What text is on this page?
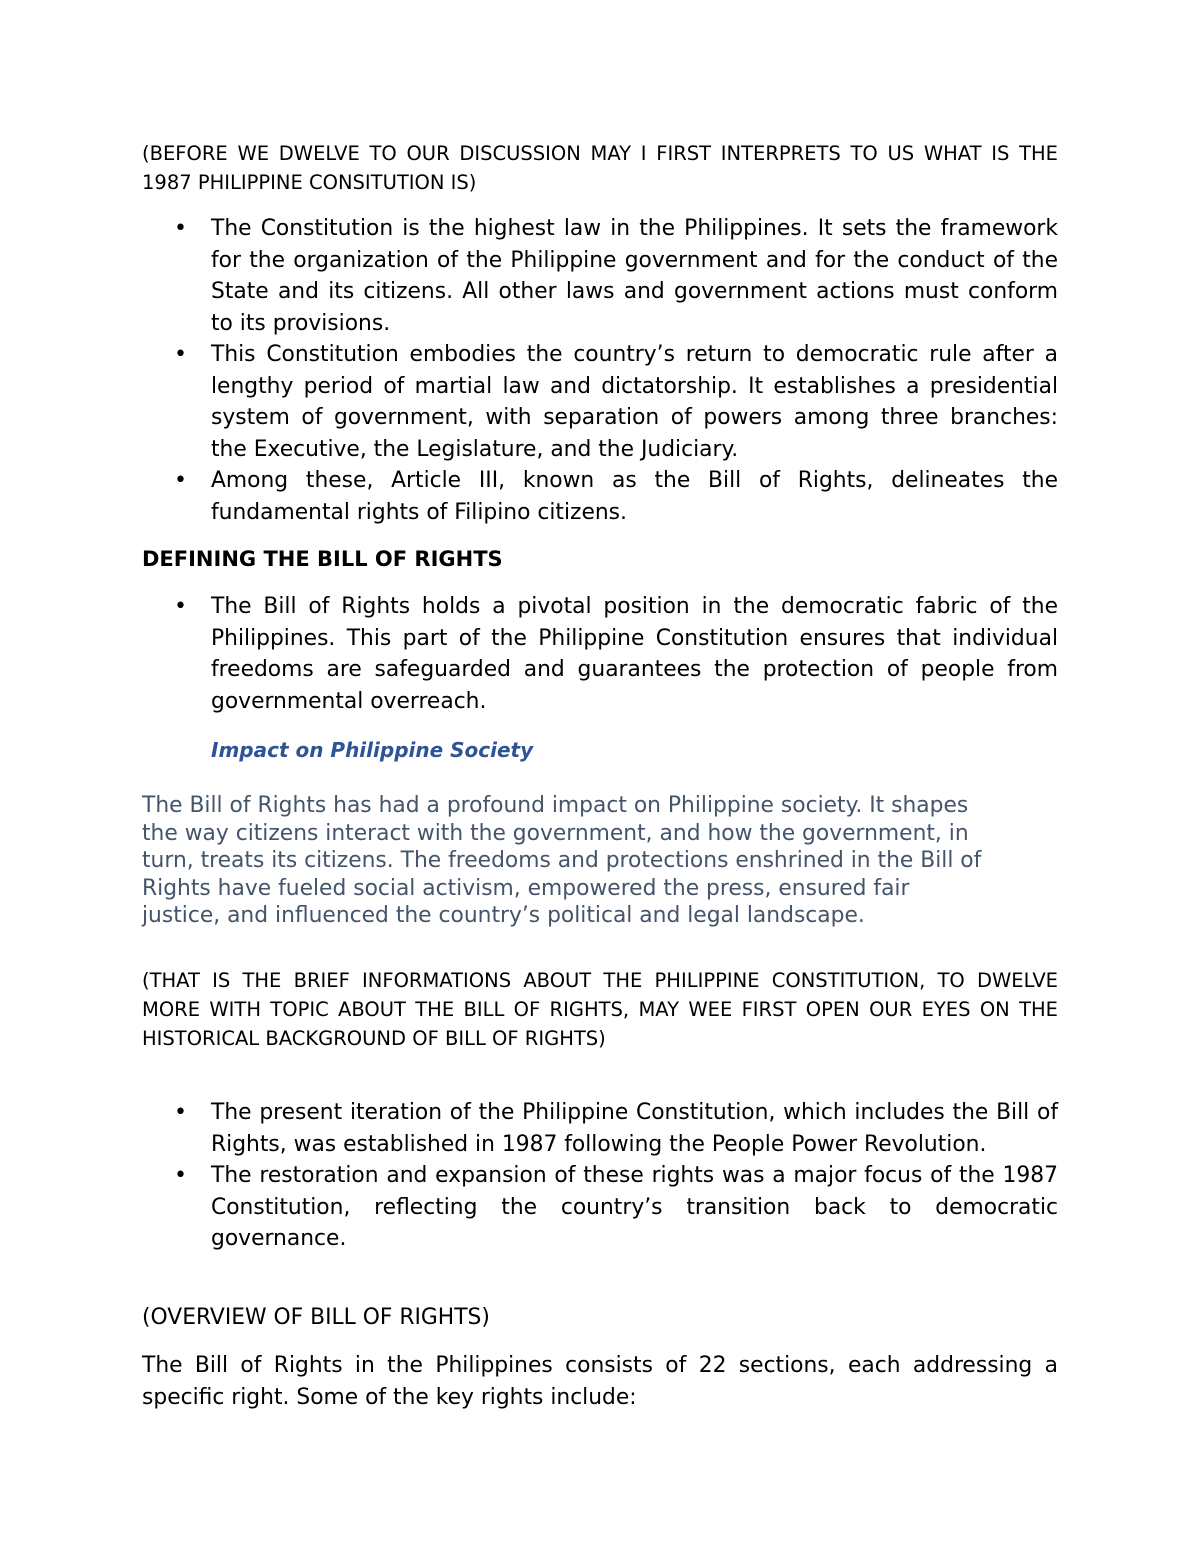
(BEFORE WE DWELVE TO OUR DISCUSSION MAY I FIRST INTERPRETS TO US WHAT IS THE 1987 PHILIPPINE CONSITUTION IS)

• The Constitution is the highest law in the Philippines. It sets the framework for the organization of the Philippine government and for the conduct of the State and its citizens. All other laws and government actions must conform to its provisions.
• This Constitution embodies the country’s return to democratic rule after a lengthy period of martial law and dictatorship. It establishes a presidential system of government, with separation of powers among three branches: the Executive, the Legislature, and the Judiciary.
• Among these, Article III, known as the Bill of Rights, delineates the fundamental rights of Filipino citizens.
DEFINING THE BILL OF RIGHTS
• The Bill of Rights holds a pivotal position in the democratic fabric of the Philippines. This part of the Philippine Constitution ensures that individual freedoms are safeguarded and guarantees the protection of people from governmental overreach.
Impact on Philippine Society
The Bill of Rights has had a profound impact on Philippine society. It shapes
the way citizens interact with the government, and how the government, in
turn, treats its citizens. The freedoms and protections enshrined in the Bill of
Rights have fueled social activism, empowered the press, ensured fair
justice, and influenced the country’s political and legal landscape.

(THAT IS THE BRIEF INFORMATIONS ABOUT THE PHILIPPINE CONSTITUTION, TO DWELVE MORE WITH TOPIC ABOUT THE BILL OF RIGHTS, MAY WEE FIRST OPEN OUR EYES ON THE HISTORICAL BACKGROUND OF BILL OF RIGHTS)

• The present iteration of the Philippine Constitution, which includes the Bill of Rights, was established in 1987 following the People Power Revolution.
• The restoration and expansion of these rights was a major focus of the 1987 Constitution, reflecting the country’s transition back to democratic governance.

(OVERVIEW OF BILL OF RIGHTS)

The Bill of Rights in the Philippines consists of 22 sections, each addressing a specific right. Some of the key rights include:
